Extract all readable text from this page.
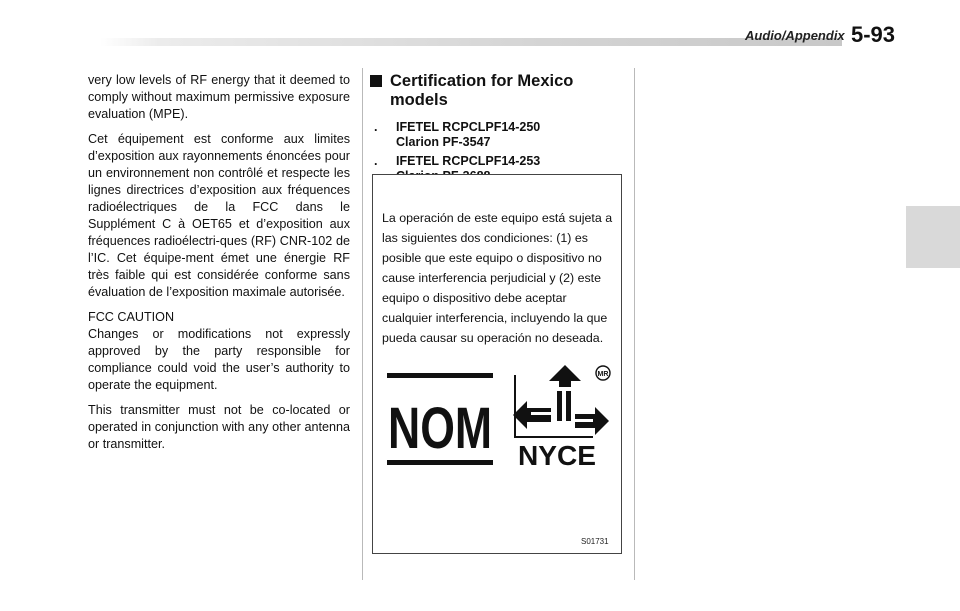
Audio/Appendix 5-93

very low levels of RF energy that it deemed to comply without maximum permissive exposure evaluation (MPE).

Cet équipement est conforme aux limites d’exposition aux rayonnements énoncées pour un environnement non contrôlé et respecte les lignes directrices d’exposition aux fréquences radioélectriques de la FCC dans le Supplément C à OET65 et d’exposition aux fréquences radioélectri-ques (RF) CNR-102 de l’IC. Cet équipe-ment émet une énergie RF très faible qui est considérée conforme sans évaluation de l’exposition maximale autorisée.

FCC CAUTION

Changes or modifications not expressly approved by the party responsible for compliance could void the user’s authority to operate the equipment.

This transmitter must not be co-located or operated in conjunction with any other antenna or transmitter.

Certification for Mexico models
.	IFETEL RCPCLPF14-250
Clarion PF-3547
.	IFETEL RCPCLPF14-253

La operación de este equipo está sujeta a las siguientes dos condiciones: (1) es posible que este equipo o dispositivo no cause interferencia perjudicial y (2) este equipo o dispositivo debe aceptar cualquier interferencia, incluyendo la que pueda causar su operación no deseada.
NOM NYCE
MR
S01731
